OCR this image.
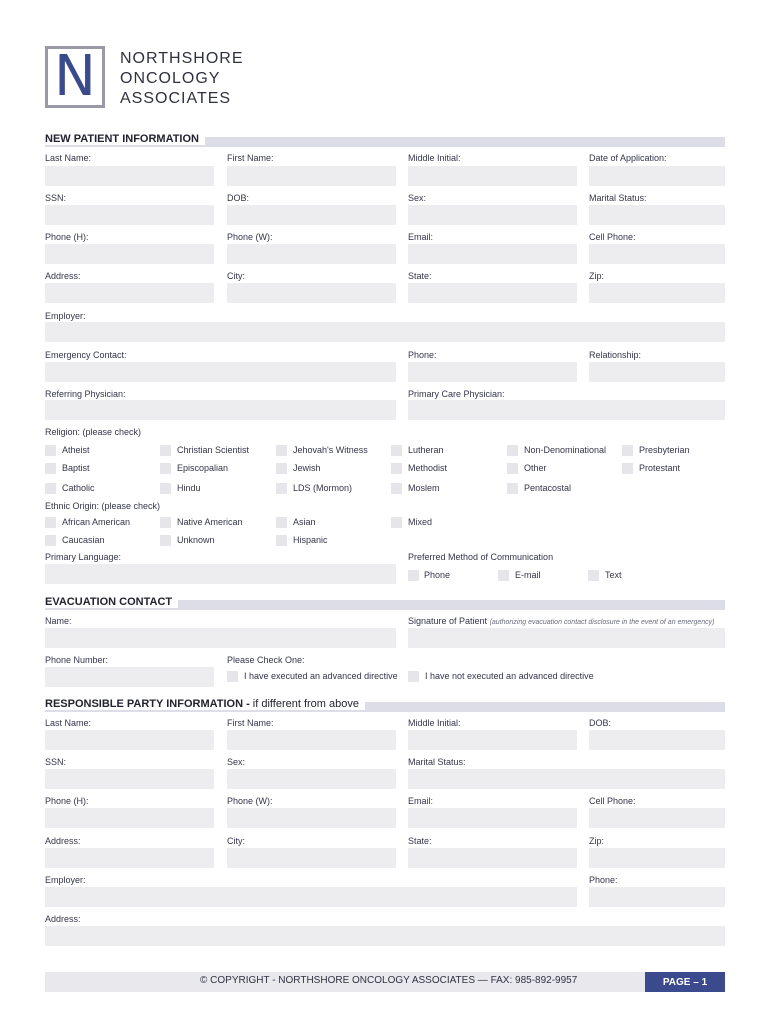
N NORTHSHORE
ONCOLOGY
ASSOCIATES
NEW PATIENT INFORMATION
Last Name:	First Name:	Middle Initial:	Date of Application:
SSN:	DOB:	Sex:	Marital Status:
Phone (H):	Phone (W):	Email:	Cell Phone:
Address:	City:	State:	Zip:
Employer:
Emergency Contact:	Phone:	Relationship:
Referring Physician:	Primary Care Physician:
Religion: (please check)
Atheist	Christian Scientist	Jehovah's Witness	Lutheran	Non-Denominational	Presbyterian
Baptist	Episcopalian	Jewish	Methodist	Other	Protestant
Catholic	Hindu	LDS (Mormon)	Moslem	Pentacostal
Ethnic Origin: (please check)
African American	Native American	Asian	Mixed
Caucasian	Unknown	Hispanic
Primary Language:	Preferred Method of Communication
Phone	E-mail	Text
EVACUATION CONTACT
Name:	Signature of Patient (authorizing evacuation contact disclosure in the event of an emergency)
Phone Number:	Please Check One:
I have executed an advanced directive	I have not executed an advanced directive
RESPONSIBLE PARTY INFORMATION - if different from above
Last Name:	First Name:	Middle Initial:	DOB:
SSN:	Sex:	Marital Status:
Phone (H):	Phone (W):	Email:	Cell Phone:
Address:	City:	State:	Zip:
Employer:	Phone:
Address:
© COPYRIGHT - NORTHSHORE ONCOLOGY ASSOCIATES — FAX: 985-892-9957	PAGE – 1
